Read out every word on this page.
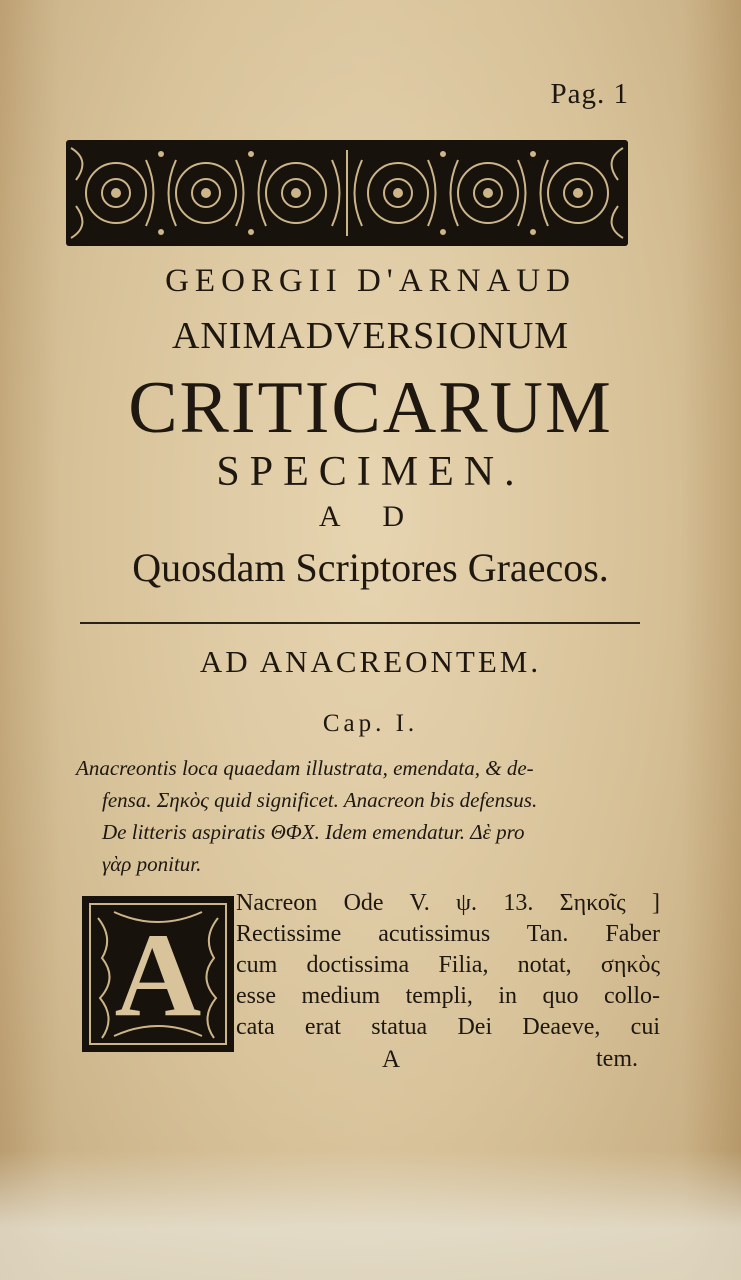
Pag. 1
GEORGII D'ARNAUD
ANIMADVERSIONUM
CRITICARUM
SPECIMEN.
A D
Quosdam Scriptores Graecos.
AD ANACREONTEM.
Cap. I.
Anacreontis loca quaedam illustrata, emendata, & de-
fensa. Σηκὸς quid significet. Anacreon bis defensus.
De litteris aspiratis ΘΦΧ. Idem emendatur. Δὲ pro
γὰρ ponitur.
A
Nacreon Ode V. ψ. 13. Σηκοῖς ]
Rectissime acutissimus Tan. Faber
cum doctissima Filia, notat, σηκὸς
esse medium templi, in quo collo-
cata erat statua Dei Deaeve, cui
A	tem.
